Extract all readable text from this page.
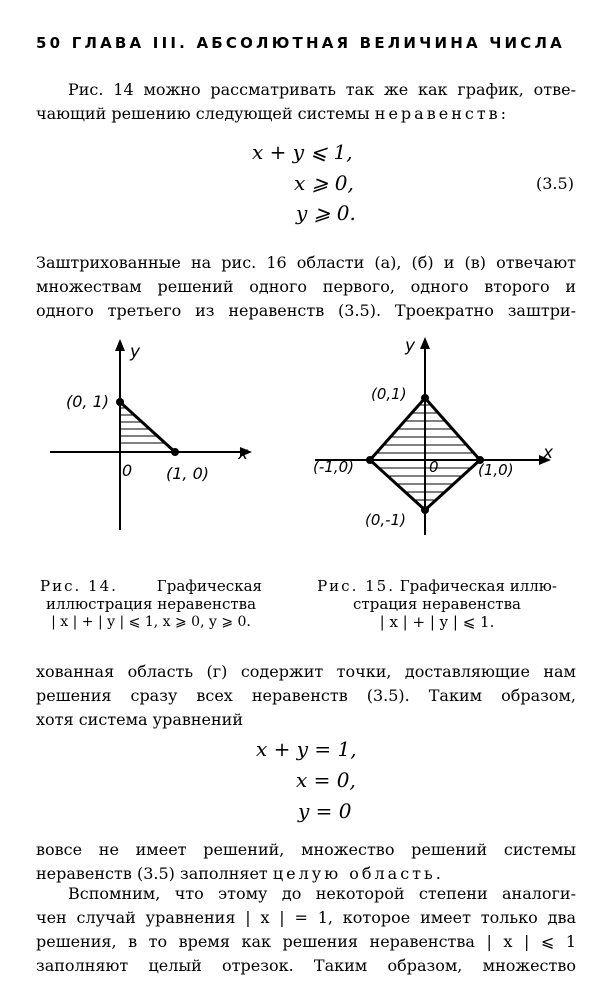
50 ГЛАВА III. АБСОЛЮТНАЯ ВЕЛИЧИНА ЧИСЛА
Рис. 14 можно рассматривать так же как график, отве-
чающий решению следующей системы неравенств:
x + y ⩽ 1,
x ⩾ 0,
y ⩾ 0.
(3.5)
Заштрихованные на рис. 16 области (а), (б) и (в) отвечают
множествам решений одного первого, одного второго и
одного третьего из неравенств (3.5). Троекратно заштри-
y
x
(0, 1)
0 (1, 0)
y
x
(0,1)
(-1,0)	0	(1,0)
(0,-1)
Рис. 14.	Графическая
иллюстрация неравенства
| x | + | y | ⩽ 1, x ⩾ 0, y ⩾ 0.
Рис. 15. Графическая иллю-
страция неравенства
| x | + | y | ⩽ 1.
хованная область (г) содержит точки, доставляющие нам
решения сразу всех неравенств (3.5). Таким образом,
хотя система уравнений
x + y = 1,
x = 0,
y = 0
вовсе не имеет решений, множество решений системы
неравенств (3.5) заполняет целую область.
Вспомним, что этому до некоторой степени аналоги-
чен случай уравнения | x | = 1, которое имеет только два
решения, в то время как решения неравенства | x | ⩽ 1
заполняют целый отрезок. Таким образом, множество
